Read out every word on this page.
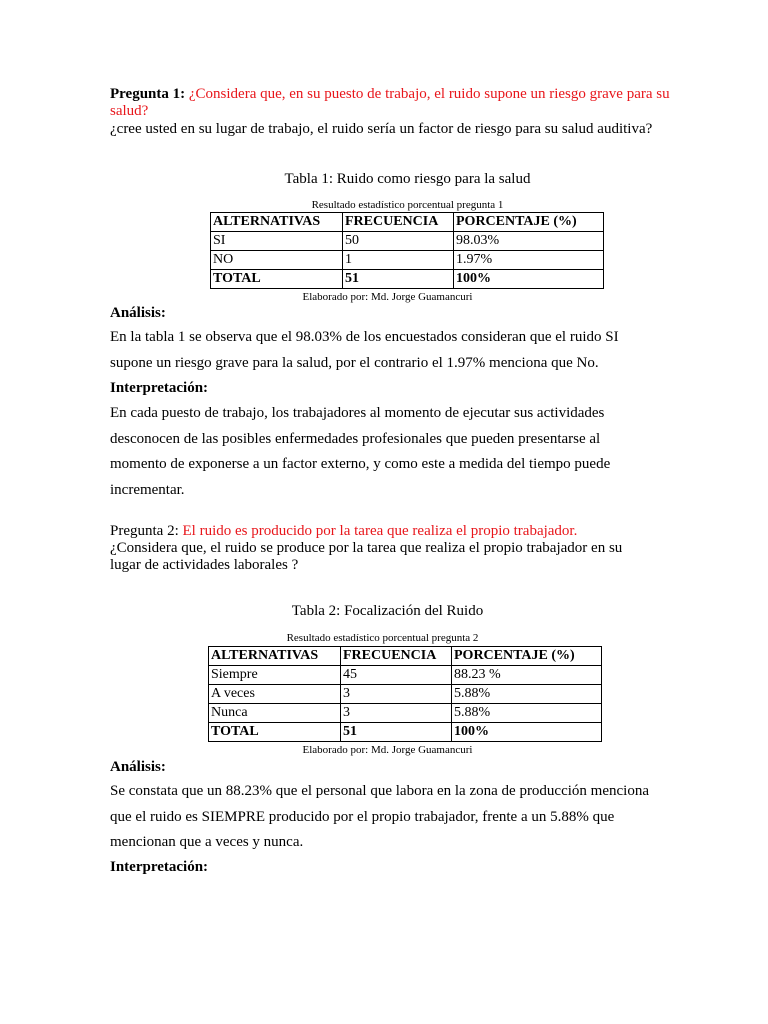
Pregunta 1: ¿Considera que, en su puesto de trabajo, el ruido supone un riesgo grave para su salud?
¿cree usted en su lugar de trabajo, el ruido sería un factor de riesgo para su salud auditiva?
Tabla 1: Ruido como riesgo para la salud
Resultado estadístico porcentual pregunta 1
ALTERNATIVAS	FRECUENCIA	PORCENTAJE (%)
SI	50	98.03%
NO	1	1.97%
TOTAL	51	100%
Elaborado por: Md. Jorge Guamancuri
Análisis:
En la tabla 1 se observa que el 98.03% de los encuestados consideran que el ruido SI supone un riesgo grave para la salud, por el contrario el 1.97% menciona que No.
Interpretación:
En cada puesto de trabajo, los trabajadores al momento de ejecutar sus actividades desconocen de las posibles enfermedades profesionales que pueden presentarse al momento de exponerse a un factor externo, y como este a medida del tiempo puede incrementar.
Pregunta 2: El ruido es producido por la tarea que realiza el propio trabajador.
¿Considera que, el ruido se produce por la tarea que realiza el propio trabajador en su lugar de actividades laborales ?
Tabla 2: Focalización del Ruido
Resultado estadístico porcentual pregunta 2
ALTERNATIVAS	FRECUENCIA	PORCENTAJE (%)
Siempre	45	88.23 %
A veces	3	5.88%
Nunca	3	5.88%
TOTAL	51	100%
Elaborado por: Md. Jorge Guamancuri
Análisis:
Se constata que un 88.23% que el personal que labora en la zona de producción menciona que el ruido es SIEMPRE producido por el propio trabajador, frente a un 5.88% que mencionan que a veces y nunca.
Interpretación:
